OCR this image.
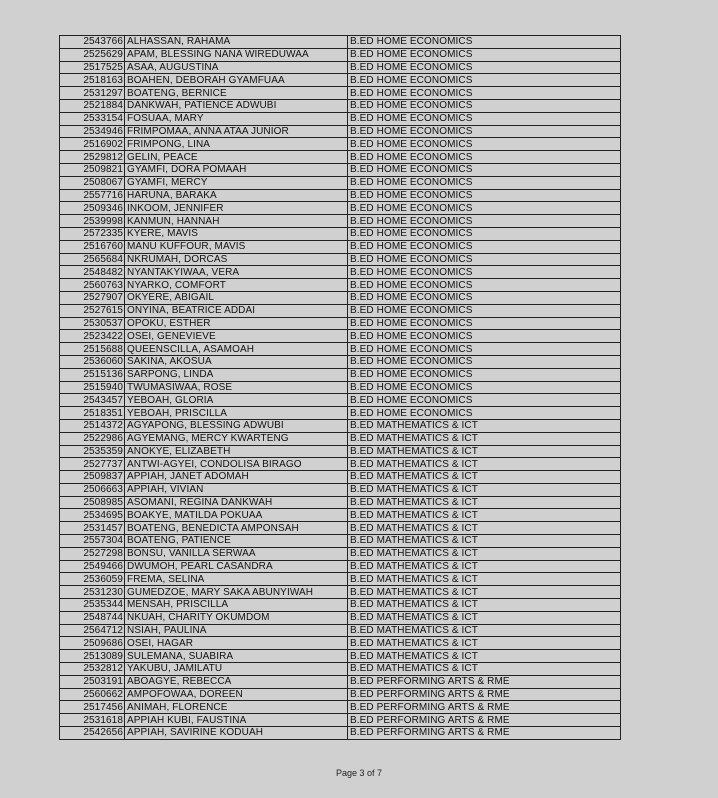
2543766	ALHASSAN, RAHAMA	B.ED HOME ECONOMICS
2525629	APAM, BLESSING NANA WIREDUWAA	B.ED HOME ECONOMICS
2517525	ASAA, AUGUSTINA	B.ED HOME ECONOMICS
2518163	BOAHEN, DEBORAH GYAMFUAA	B.ED HOME ECONOMICS
2531297	BOATENG, BERNICE	B.ED HOME ECONOMICS
2521884	DANKWAH, PATIENCE ADWUBI	B.ED HOME ECONOMICS
2533154	FOSUAA, MARY	B.ED HOME ECONOMICS
2534946	FRIMPOMAA, ANNA ATAA JUNIOR	B.ED HOME ECONOMICS
2516902	FRIMPONG, LINA	B.ED HOME ECONOMICS
2529812	GELIN, PEACE	B.ED HOME ECONOMICS
2509821	GYAMFI, DORA POMAAH	B.ED HOME ECONOMICS
2508067	GYAMFI, MERCY	B.ED HOME ECONOMICS
2557716	HARUNA, BARAKA	B.ED HOME ECONOMICS
2509346	INKOOM, JENNIFER	B.ED HOME ECONOMICS
2539998	KANMUN, HANNAH	B.ED HOME ECONOMICS
2572335	KYERE, MAVIS	B.ED HOME ECONOMICS
2516760	MANU KUFFOUR, MAVIS	B.ED HOME ECONOMICS
2565684	NKRUMAH, DORCAS	B.ED HOME ECONOMICS
2548482	NYANTAKYIWAA, VERA	B.ED HOME ECONOMICS
2560763	NYARKO, COMFORT	B.ED HOME ECONOMICS
2527907	OKYERE, ABIGAIL	B.ED HOME ECONOMICS
2527615	ONYINA, BEATRICE ADDAI	B.ED HOME ECONOMICS
2530537	OPOKU, ESTHER	B.ED HOME ECONOMICS
2523422	OSEI, GENEVIEVE	B.ED HOME ECONOMICS
2515688	QUEENSCILLA, ASAMOAH	B.ED HOME ECONOMICS
2536060	SAKINA, AKOSUA	B.ED HOME ECONOMICS
2515136	SARPONG, LINDA	B.ED HOME ECONOMICS
2515940	TWUMASIWAA, ROSE	B.ED HOME ECONOMICS
2543457	YEBOAH, GLORIA	B.ED HOME ECONOMICS
2518351	YEBOAH, PRISCILLA	B.ED HOME ECONOMICS
2514372	AGYAPONG, BLESSING ADWUBI	B.ED MATHEMATICS & ICT
2522986	AGYEMANG, MERCY KWARTENG	B.ED MATHEMATICS & ICT
2535359	ANOKYE, ELIZABETH	B.ED MATHEMATICS & ICT
2527737	ANTWI-AGYEI, CONDOLISA BIRAGO	B.ED MATHEMATICS & ICT
2509837	APPIAH, JANET ADOMAH	B.ED MATHEMATICS & ICT
2506663	APPIAH, VIVIAN	B.ED MATHEMATICS & ICT
2508985	ASOMANI, REGINA DANKWAH	B.ED MATHEMATICS & ICT
2534695	BOAKYE, MATILDA POKUAA	B.ED MATHEMATICS & ICT
2531457	BOATENG, BENEDICTA AMPONSAH	B.ED MATHEMATICS & ICT
2557304	BOATENG, PATIENCE	B.ED MATHEMATICS & ICT
2527298	BONSU, VANILLA SERWAA	B.ED MATHEMATICS & ICT
2549466	DWUMOH, PEARL CASANDRA	B.ED MATHEMATICS & ICT
2536059	FREMA, SELINA	B.ED MATHEMATICS & ICT
2531230	GUMEDZOE, MARY SAKA ABUNYIWAH	B.ED MATHEMATICS & ICT
2535344	MENSAH, PRISCILLA	B.ED MATHEMATICS & ICT
2548744	NKUAH, CHARITY OKUMDOM	B.ED MATHEMATICS & ICT
2564712	NSIAH, PAULINA	B.ED MATHEMATICS & ICT
2509686	OSEI, HAGAR	B.ED MATHEMATICS & ICT
2513089	SULEMANA, SUABIRA	B.ED MATHEMATICS & ICT
2532812	YAKUBU, JAMILATU	B.ED MATHEMATICS & ICT
2503191	ABOAGYE, REBECCA	B.ED PERFORMING ARTS & RME
2560662	AMPOFOWAA, DOREEN	B.ED PERFORMING ARTS & RME
2517456	ANIMAH, FLORENCE	B.ED PERFORMING ARTS & RME
2531618	APPIAH KUBI, FAUSTINA	B.ED PERFORMING ARTS & RME
2542656	APPIAH, SAVIRINE KODUAH	B.ED PERFORMING ARTS & RME
Page 3 of 7
